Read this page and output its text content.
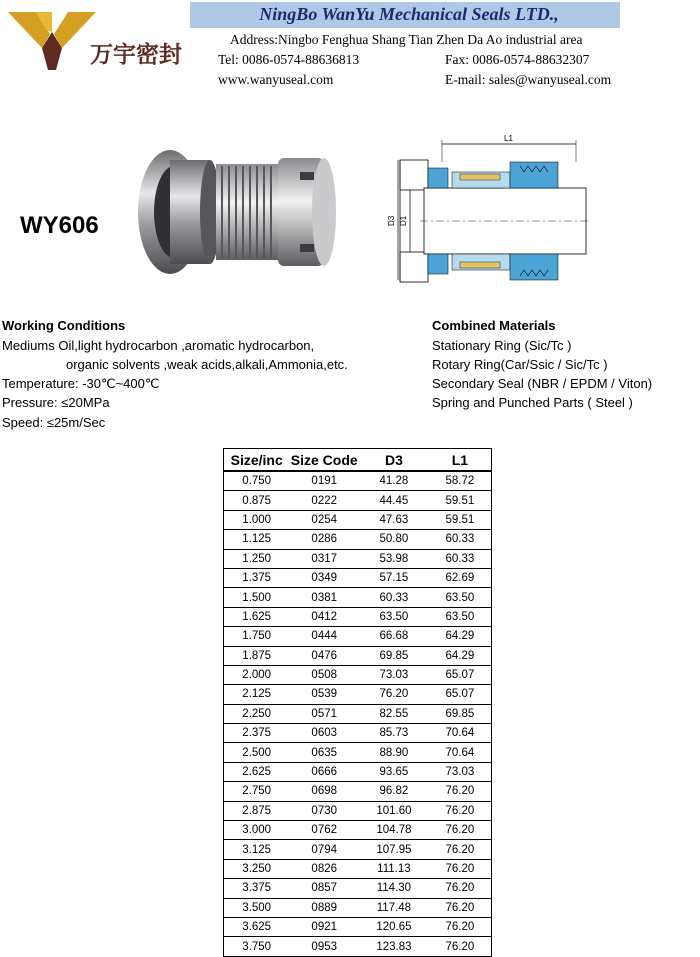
万宇密封
NingBo WanYu Mechanical Seals LTD.,
Address:Ningbo Fenghua Shang Tian Zhen Da Ao industrial area
Tel: 0086-0574-88636813	Fax: 0086-0574-88632307
www.wanyuseal.com	E-mail: sales@wanyuseal.com
WY606
L1
D3 D1
Working Conditions
Mediums Oil,light hydrocarbon ,aromatic hydrocarbon,
organic solvents ,weak acids,alkali,Ammonia,etc.
Temperature: -30℃~400℃
Pressure: ≤20MPa
Speed: ≤25m/Sec
Combined Materials
Stationary Ring (Sic/Tc )
Rotary Ring(Car/Ssic / Sic/Tc )
Secondary Seal (NBR / EPDM / Viton)
Spring and Punched Parts ( Steel )
Size/inc	Size Code	D3	L1
0.750	0191	41.28	58.72
0.875	0222	44.45	59.51
1.000	0254	47.63	59.51
1.125	0286	50.80	60.33
1.250	0317	53.98	60.33
1.375	0349	57.15	62.69
1.500	0381	60.33	63.50
1.625	0412	63.50	63.50
1.750	0444	66.68	64.29
1.875	0476	69.85	64.29
2.000	0508	73.03	65.07
2.125	0539	76.20	65.07
2.250	0571	82.55	69.85
2.375	0603	85.73	70.64
2.500	0635	88.90	70.64
2.625	0666	93.65	73.03
2.750	0698	96.82	76.20
2.875	0730	101.60	76.20
3.000	0762	104.78	76.20
3.125	0794	107.95	76.20
3.250	0826	111.13	76.20
3.375	0857	114.30	76.20
3.500	0889	117.48	76.20
3.625	0921	120.65	76.20
3.750	0953	123.83	76.20
